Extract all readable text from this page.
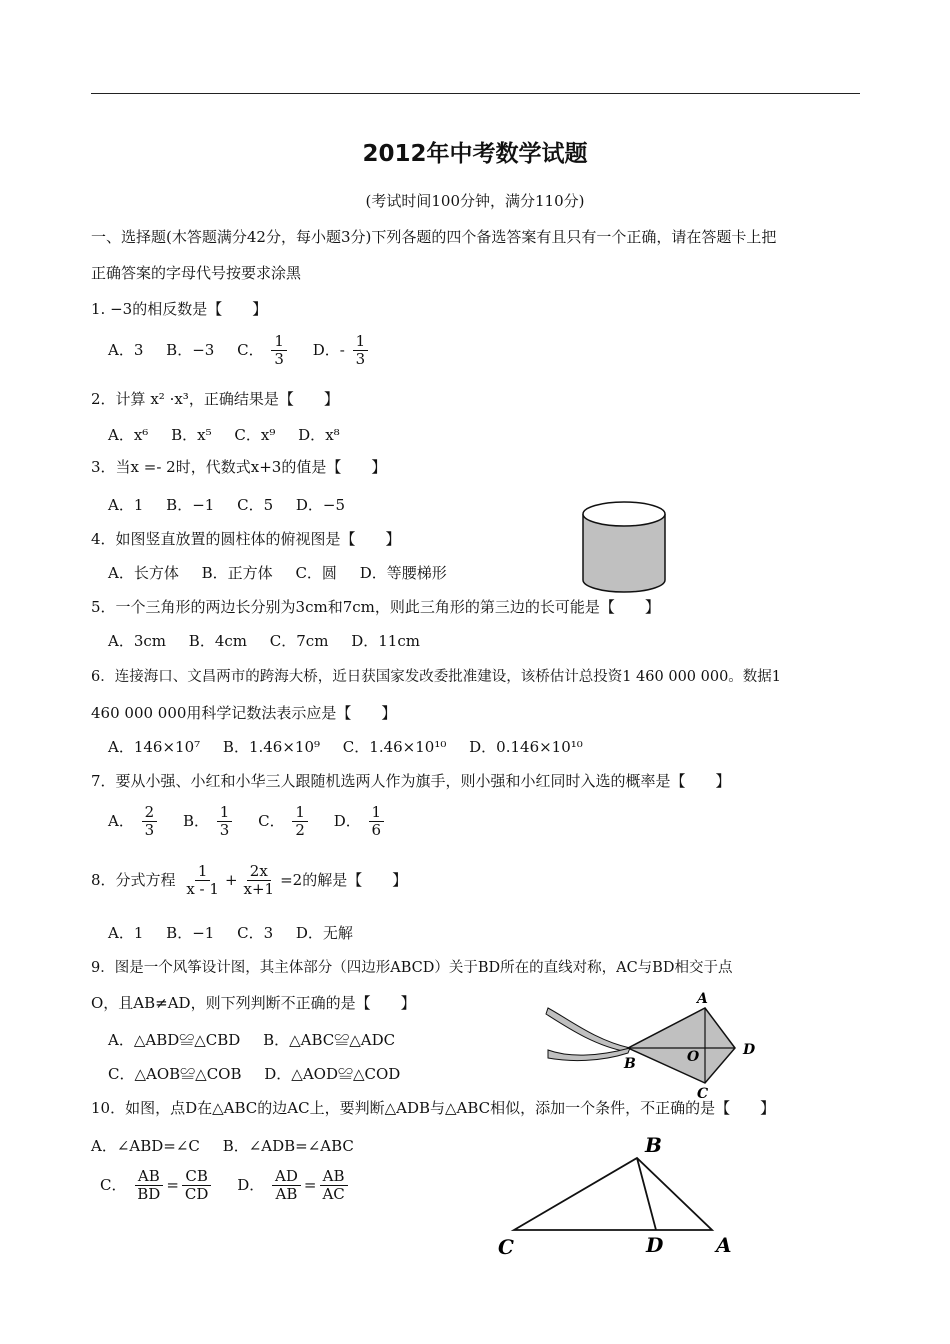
2012年中考数学试题
(考试时间100分钟，满分110分)
一、选择题(木答题满分42分，每小题3分)下列各题的四个备选答案有且只有一个正确，请在答题卡上把
正确答案的字母代号按要求涂黑
1. −3的相反数是【　　】
A．3 B．−3 C． $\frac{1}{3}$ D．- $\frac{1}{3}$
2．计算 x² ·x³，正确结果是【　　】
A．x⁶ B．x⁵ C．x⁹ D．x⁸
3．当x =- 2时，代数式x+3的值是【　　】
A．1 B．−1 C．5 D．−5
4．如图竖直放置的圆柱体的俯视图是【　　】
A．长方体 B．正方体 C．圆 D．等腰梯形
5．一个三角形的两边长分别为3cm和7cm，则此三角形的第三边的长可能是【　　】
A．3cm B．4cm C．7cm D．11cm
6．连接海口、文昌两市的跨海大桥，近日获国家发改委批准建设，该桥估计总投资1 460 000 000。数据1
460 000 000用科学记数法表示应是【　　】
A．146×10⁷ B．1.46×10⁹ C．1.46×10¹⁰ D．0.146×10¹⁰
7．要从小强、小红和小华三人跟随机选两人作为旗手，则小强和小红同时入选的概率是【　　】
A． $\frac{2}{3}$ B． $\frac{1}{3}$ C． $\frac{1}{2}$ D． $\frac{1}{6}$
8．分式方程 $\frac{1}{x - 1} + \frac{2x}{x+1} =2$的解是【　　】
A．1 B．−1 C．3 D．无解
9．图是一个风筝设计图，其主体部分（四边形ABCD）关于BD所在的直线对称，AC与BD相交于点
O，且AB≠AD，则下列判断不正确的是【　　】
A．△ABD≌△CBD B．△ABC≌△ADC
C．△AOB≌△COB D．△AOD≌△COD
A
B	O	D
C
10．如图，点D在△ABC的边AC上，要判断△ADB与△ABC相似，添加一个条件，不正确的是【　　】
A．∠ABD=∠C B．∠ADB=∠ABC
C． $\frac{AB}{BD} = \frac{CB}{CD}$ D． $\frac{AD}{AB} = \frac{AB}{AC}$
B
C	D	A
